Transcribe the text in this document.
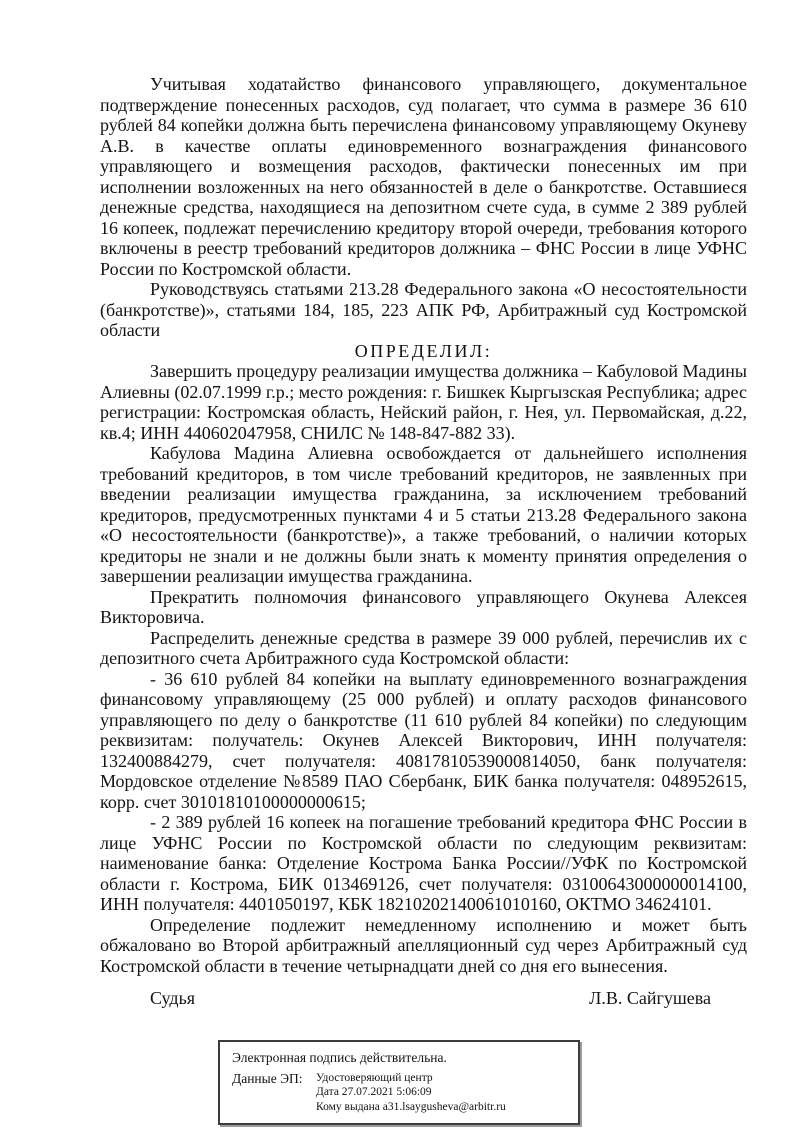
Учитывая ходатайство финансового управляющего, документальное подтверждение понесенных расходов, суд полагает, что сумма в размере 36 610 рублей 84 копейки должна быть перечислена финансовому управляющему Окуневу А.В. в качестве оплаты единовременного вознаграждения финансового управляющего и возмещения расходов, фактически понесенных им при исполнении возложенных на него обязанностей в деле о банкротстве. Оставшиеся денежные средства, находящиеся на депозитном счете суда, в сумме 2 389 рублей 16 копеек, подлежат перечислению кредитору второй очереди, требования которого включены в реестр требований кредиторов должника – ФНС России в лице УФНС России по Костромской области.

Руководствуясь статьями 213.28 Федерального закона «О несостоятельности (банкротстве)», статьями 184, 185, 223 АПК РФ, Арбитражный суд Костромской области

ОПРЕДЕЛИЛ:

Завершить процедуру реализации имущества должника – Кабуловой Мадины Алиевны (02.07.1999 г.р.; место рождения: г. Бишкек Кыргызская Республика; адрес регистрации: Костромская область, Нейский район, г. Нея, ул. Первомайская, д.22, кв.4; ИНН 440602047958, СНИЛС № 148-847-882 33).

Кабулова Мадина Алиевна освобождается от дальнейшего исполнения требований кредиторов, в том числе требований кредиторов, не заявленных при введении реализации имущества гражданина, за исключением требований кредиторов, предусмотренных пунктами 4 и 5 статьи 213.28 Федерального закона «О несостоятельности (банкротстве)», а также требований, о наличии которых кредиторы не знали и не должны были знать к моменту принятия определения о завершении реализации имущества гражданина.

Прекратить полномочия финансового управляющего Окунева Алексея Викторовича.

Распределить денежные средства в размере 39 000 рублей, перечислив их с депозитного счета Арбитражного суда Костромской области:

- 36 610 рублей 84 копейки на выплату единовременного вознаграждения финансовому управляющему (25 000 рублей) и оплату расходов финансового управляющего по делу о банкротстве (11 610 рублей 84 копейки) по следующим реквизитам: получатель: Окунев Алексей Викторович, ИНН получателя: 132400884279, счет получателя: 40817810539000814050, банк получателя: Мордовское отделение №8589 ПАО Сбербанк, БИК банка получателя: 048952615, корр. счет 30101810100000000615;

- 2 389 рублей 16 копеек на погашение требований кредитора ФНС России в лице УФНС России по Костромской области по следующим реквизитам: наименование банка: Отделение Кострома Банка России//УФК по Костромской области г. Кострома, БИК 013469126, счет получателя: 03100643000000014100, ИНН получателя: 4401050197, КБК 18210202140061010160, ОКТМО 34624101.

Определение подлежит немедленному исполнению и может быть обжаловано во Второй арбитражный апелляционный суд через Арбитражный суд Костромской области в течение четырнадцати дней со дня его вынесения.

Судья	Л.В. Сайгушева
Электронная подпись действительна.
Данные ЭП:	Удостоверяющий центр
Дата 27.07.2021 5:06:09
Кому выдана a31.lsaygusheva@arbitr.ru
